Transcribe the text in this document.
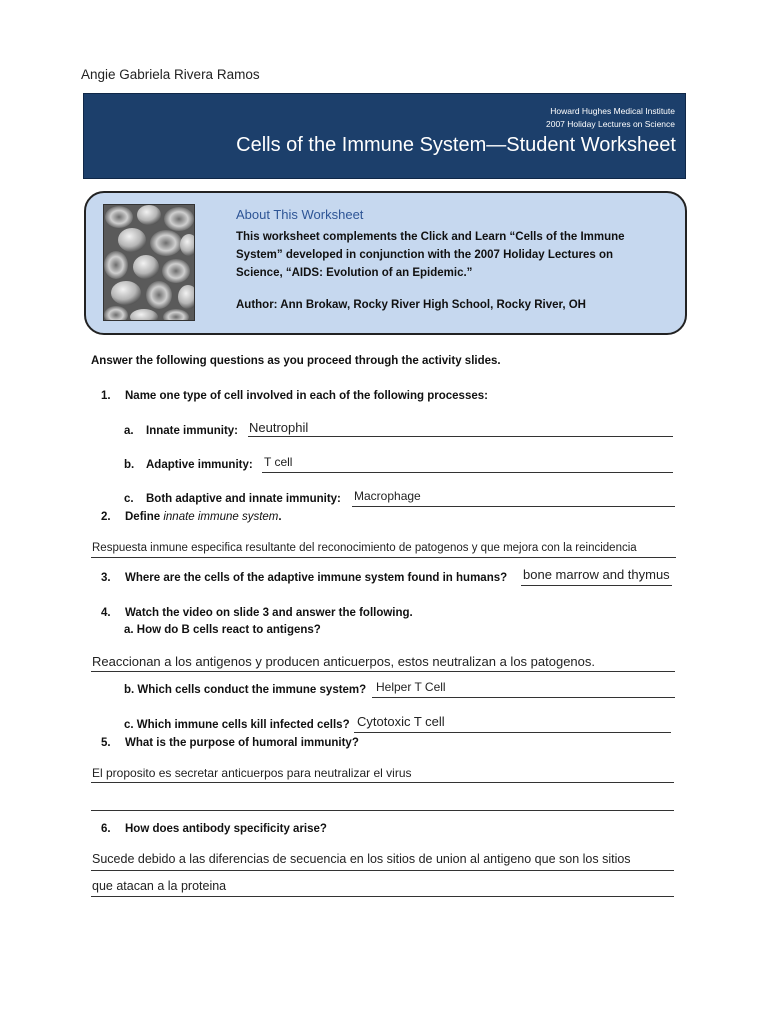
Angie Gabriela Rivera Ramos
Howard Hughes Medical Institute
2007 Holiday Lectures on Science
Cells of the Immune System—Student Worksheet
About This Worksheet
This worksheet complements the Click and Learn “Cells of the Immune System” developed in conjunction with the 2007 Holiday Lectures on Science, “AIDS: Evolution of an Epidemic.”
Author: Ann Brokaw, Rocky River High School, Rocky River, OH
Answer the following questions as you proceed through the activity slides.
1. Name one type of cell involved in each of the following processes:
a. Innate immunity: Neutrophil
b. Adaptive immunity: T cell
c. Both adaptive and innate immunity: Macrophage
2. Define innate immune system.
Respuesta inmune especifica resultante del reconocimiento de patogenos y que mejora con la reincidencia
3. Where are the cells of the adaptive immune system found in humans? bone marrow and thymus
4. Watch the video on slide 3 and answer the following.
a. How do B cells react to antigens?
Reaccionan a los antigenos y producen anticuerpos, estos neutralizan a los patogenos.
b. Which cells conduct the immune system? Helper T Cell
c. Which immune cells kill infected cells? Cytotoxic T cell
5. What is the purpose of humoral immunity?
El proposito es secretar anticuerpos para neutralizar el virus
6. How does antibody specificity arise?
Sucede debido a las diferencias de secuencia en los sitios de union al antigeno que son los sitios
que atacan a la proteina
